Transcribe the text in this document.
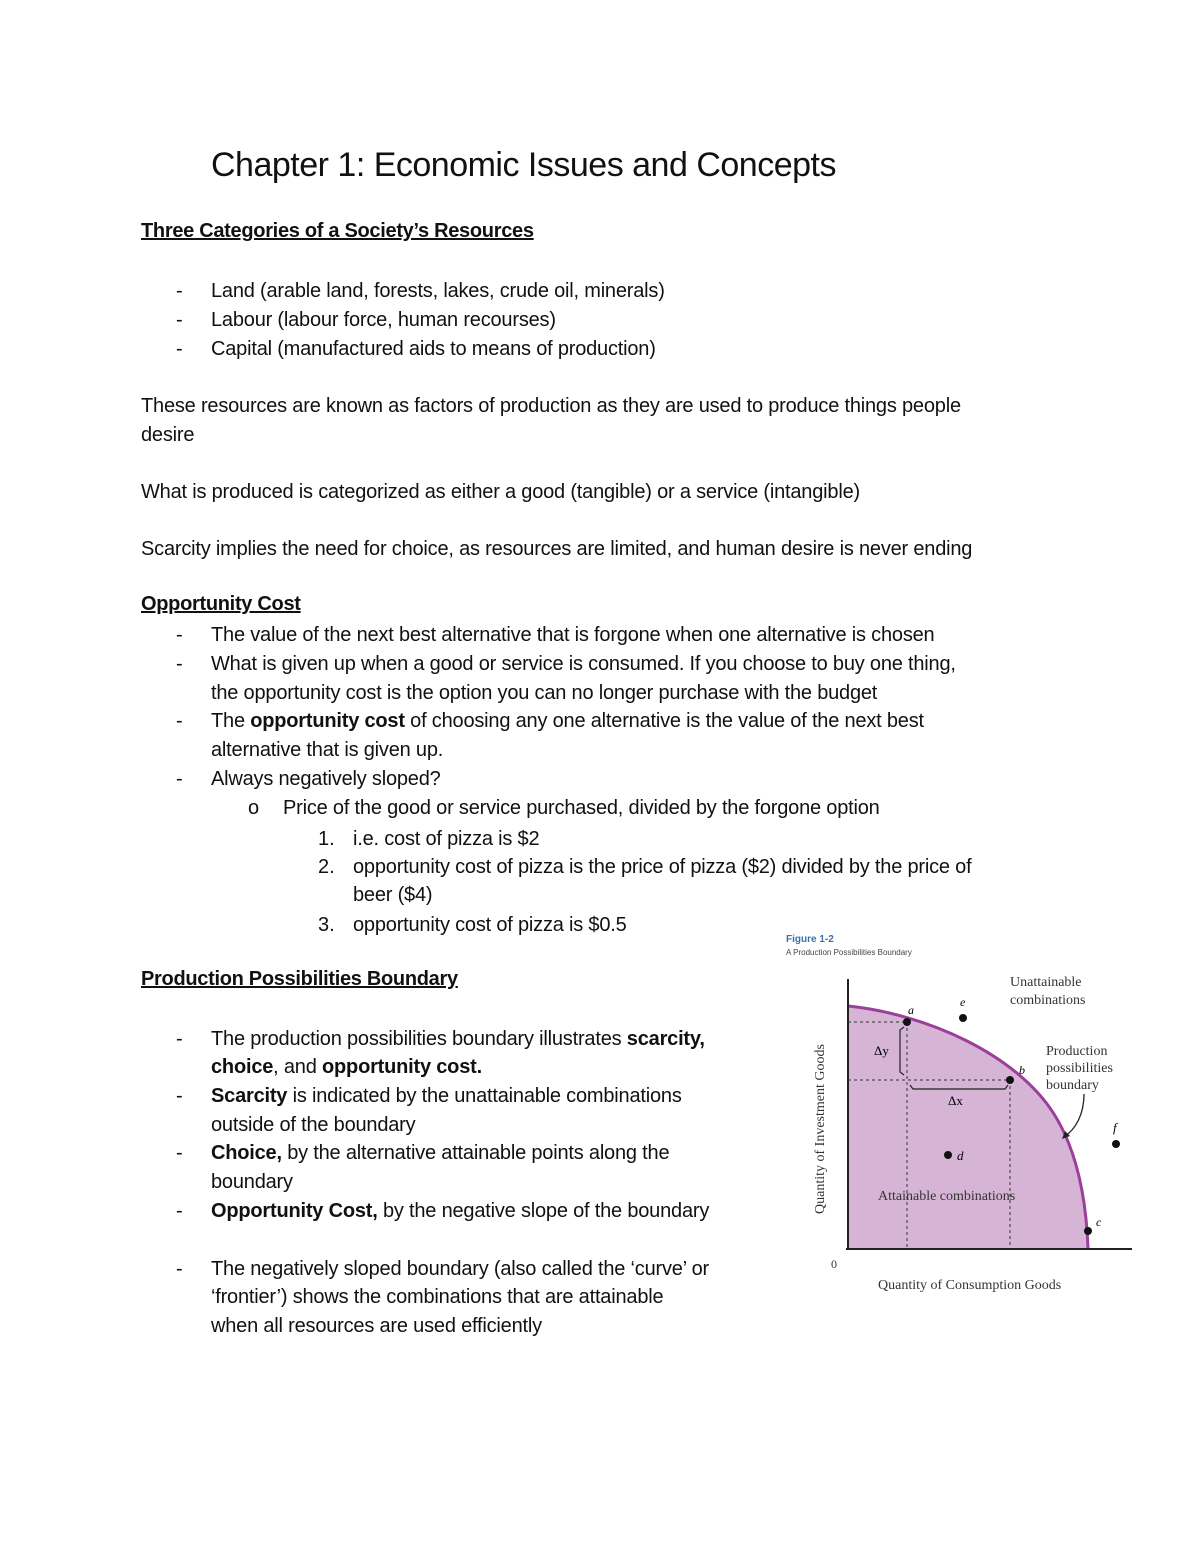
Chapter 1: Economic Issues and Concepts
Three Categories of a Society’s Resources
- Land (arable land, forests, lakes, crude oil, minerals)
- Labour (labour force, human recourses)
- Capital (manufactured aids to means of production)
These resources are known as factors of production as they are used to produce things people
desire
What is produced is categorized as either a good (tangible) or a service (intangible)
Scarcity implies the need for choice, as resources are limited, and human desire is never ending
Opportunity Cost
- The value of the next best alternative that is forgone when one alternative is chosen
- What is given up when a good or service is consumed. If you choose to buy one thing,
the opportunity cost is the option you can no longer purchase with the budget
- The opportunity cost of choosing any one alternative is the value of the next best
alternative that is given up.
- Always negatively sloped?
o Price of the good or service purchased, divided by the forgone option
1. i.e. cost of pizza is $2
2. opportunity cost of pizza is the price of pizza ($2) divided by the price of
beer ($4)
3. opportunity cost of pizza is $0.5
Production Possibilities Boundary
- The production possibilities boundary illustrates scarcity,
choice, and opportunity cost.
- Scarcity is indicated by the unattainable combinations
outside of the boundary
- Choice, by the alternative attainable points along the
boundary
- Opportunity Cost, by the negative slope of the boundary
- The negatively sloped boundary (also called the ‘curve’ or
‘frontier’) shows the combinations that are attainable
when all resources are used efficiently
Figure 1-2
A Production Possibilities Boundary
a
b
c
d
e
f
Δy
Δx
Unattainable
combinations
Production
possibilities
boundary
Attainable combinations
0
Quantity of Consumption Goods
Quantity of Investment Goods
